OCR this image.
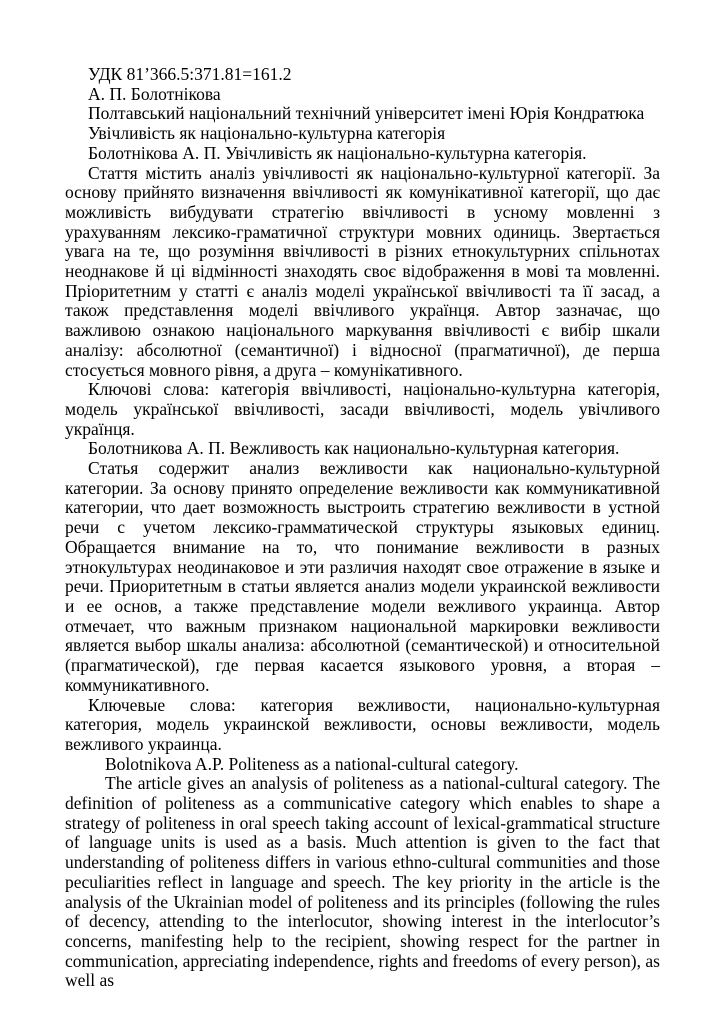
УДК 81’366.5:371.81=161.2

А. П. Болотнікова

Полтавський національний технічний університет імені Юрія Кондратюка

Увічливість як національно-культурна категорія

Болотнікова А. П. Увічливість як національно-культурна категорія.

Стаття містить аналіз увічливості як національно-культурної категорії. За основу прийнято визначення ввічливості як комунікативної категорії, що дає можливість вибудувати стратегію ввічливості в усному мовленні з урахуванням лексико-граматичної структури мовних одиниць. Звертається увага на те, що розуміння ввічливості в різних етнокультурних спільнотах неоднакове й ці відмінності знаходять своє відображення в мові та мовленні. Пріоритетним у статті є аналіз моделі української ввічливості та її засад, а також представлення моделі ввічливого українця. Автор зазначає, що важливою ознакою національного маркування ввічливості є вибір шкали аналізу: абсолютної (семантичної) і відносної (прагматичної), де перша стосується мовного рівня, а друга – комунікативного.

Ключові слова: категорія ввічливості, національно-культурна категорія, модель української ввічливості, засади ввічливості, модель увічливого українця.

Болотникова А. П. Вежливость как национально-культурная категория.

Статья содержит анализ вежливости как национально-культурной категории. За основу принято определение вежливости как коммуникативной категории, что дает возможность выстроить стратегию вежливости в устной речи с учетом лексико-грамматической структуры языковых единиц. Обращается внимание на то, что понимание вежливости в разных этнокультурах неодинаковое и эти различия находят свое отражение в языке и речи. Приоритетным в статьи является анализ модели украинской вежливости и ее основ, а также представление модели вежливого украинца. Автор отмечает, что важным признаком национальной маркировки вежливости является выбор шкалы анализа: абсолютной (семантической) и относительной (прагматической), где первая касается языкового уровня, а вторая – коммуникативного.

Ключевые слова: категория вежливости, национально-культурная категория, модель украинской вежливости, основы вежливости, модель вежливого украинца.

Bolotnikova A.P. Politeness as a national-cultural category.

The article gives an analysis of politeness as a national-cultural category. The definition of politeness as a communicative category which enables to shape a strategy of politeness in oral speech taking account of lexical-grammatical structure of language units is used as a basis. Much attention is given to the fact that understanding of politeness differs in various ethno-cultural communities and those peculiarities reflect in language and speech. The key priority in the article is the analysis of the Ukrainian model of politeness and its principles (following the rules of decency, attending to the interlocutor, showing interest in the interlocutor’s concerns, manifesting help to the recipient, showing respect for the partner in communication, appreciating independence, rights and freedoms of every person), as well as
